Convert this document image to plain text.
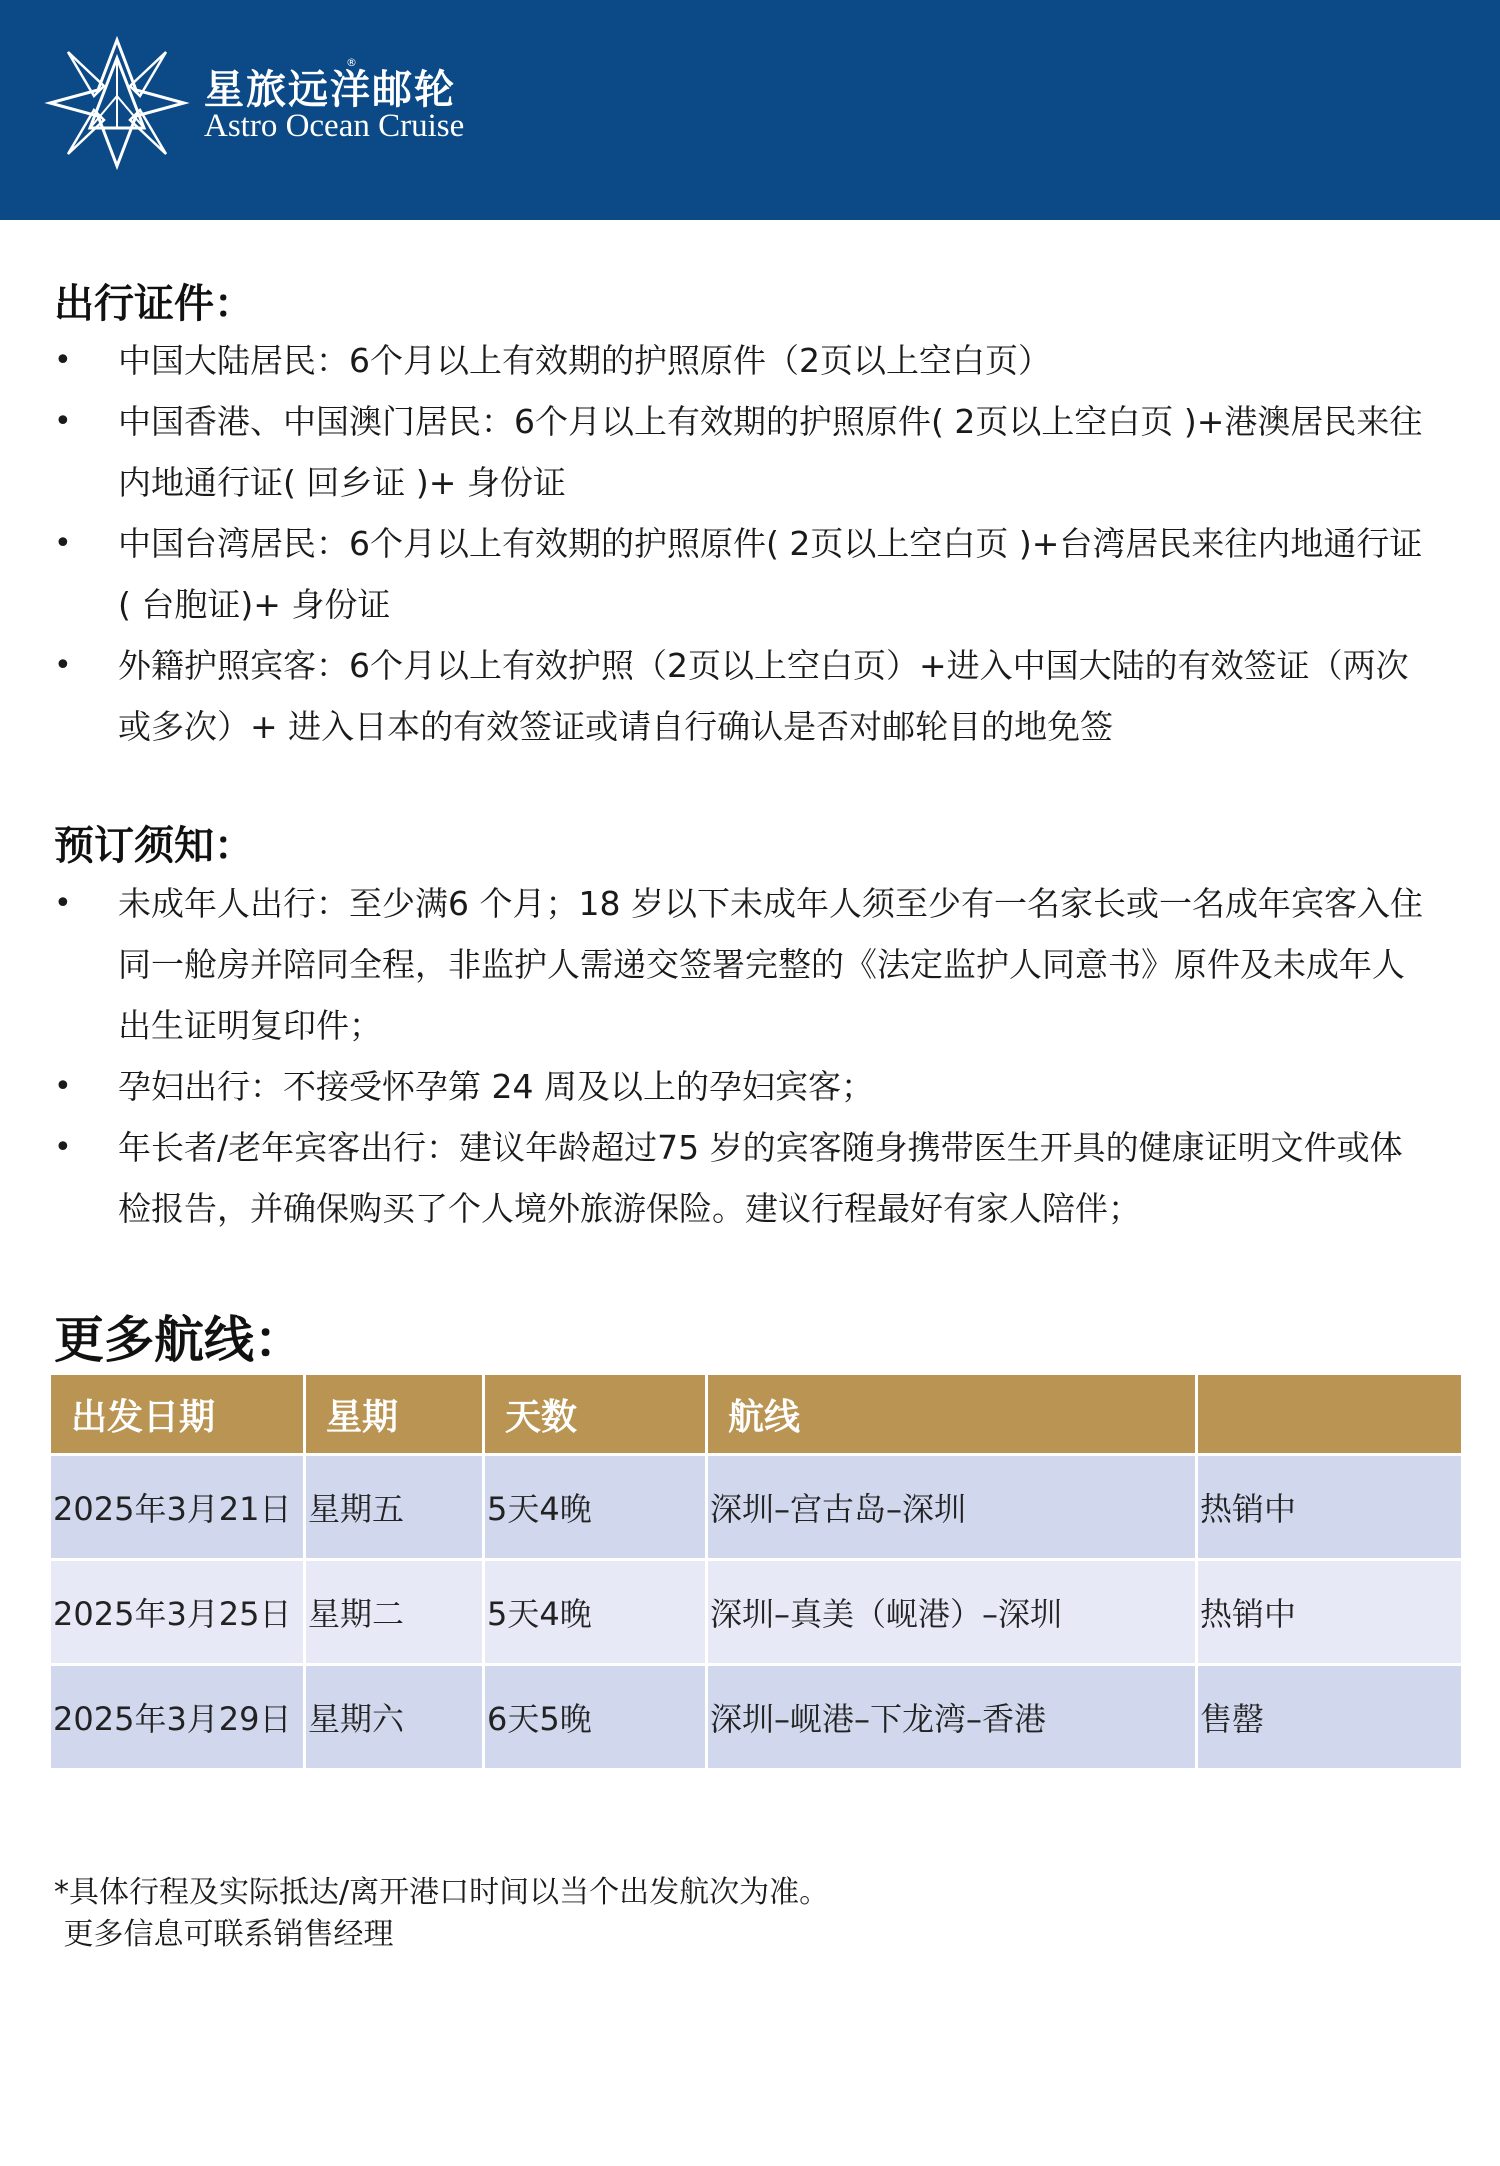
星旅远洋邮轮
®
Astro Ocean Cruise
出行证件：
• 中国大陆居民：6个月以上有效期的护照原件（2页以上空白页）
• 中国香港、中国澳门居民：6个月以上有效期的护照原件( 2页以上空白页 )+港澳居民来往内地通行证( 回乡证 )+ 身份证
• 中国台湾居民：6个月以上有效期的护照原件( 2页以上空白页 )+台湾居民来往内地通行证( 台胞证)+ 身份证
• 外籍护照宾客：6个月以上有效护照（2页以上空白页）+进入中国大陆的有效签证（两次或多次）+ 进入日本的有效签证或请自行确认是否对邮轮目的地免签
预订须知：
• 未成年人出行：至少满6 个月；18 岁以下未成年人须至少有一名家长或一名成年宾客入住同一舱房并陪同全程，非监护人需递交签署完整的《法定监护人同意书》原件及未成年人出生证明复印件；
• 孕妇出行：不接受怀孕第 24 周及以上的孕妇宾客；
• 年长者/老年宾客出行：建议年龄超过75 岁的宾客随身携带医生开具的健康证明文件或体检报告，并确保购买了个人境外旅游保险。建议行程最好有家人陪伴；
更多航线：
出发日期	星期	天数	航线	
2025年3月21日	星期五	5天4晚	深圳–宫古岛–深圳	热销中
2025年3月25日	星期二	5天4晚	深圳–真美（岘港）–深圳	热销中
2025年3月29日	星期六	6天5晚	深圳–岘港–下龙湾–香港	售罄
*具体行程及实际抵达/离开港口时间以当个出发航次为准。
更多信息可联系销售经理
